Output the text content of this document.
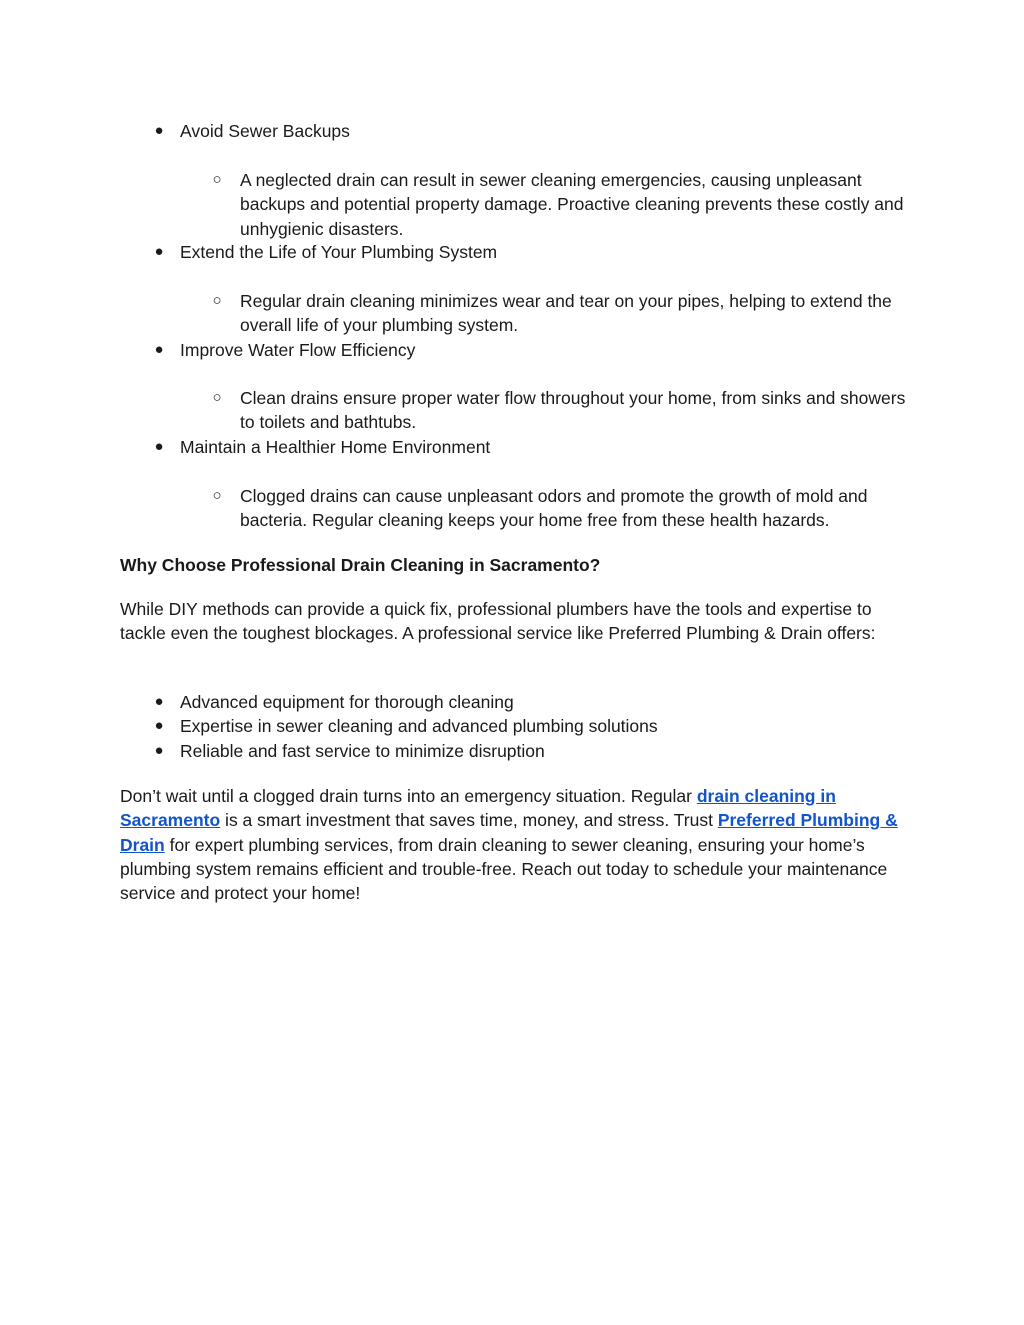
● Avoid Sewer Backups
○ A neglected drain can result in sewer cleaning emergencies, causing unpleasant backups and potential property damage. Proactive cleaning prevents these costly and unhygienic disasters.
● Extend the Life of Your Plumbing System
○ Regular drain cleaning minimizes wear and tear on your pipes, helping to extend the overall life of your plumbing system.
● Improve Water Flow Efficiency
○ Clean drains ensure proper water flow throughout your home, from sinks and showers to toilets and bathtubs.
● Maintain a Healthier Home Environment
○ Clogged drains can cause unpleasant odors and promote the growth of mold and bacteria. Regular cleaning keeps your home free from these health hazards.
Why Choose Professional Drain Cleaning in Sacramento?
While DIY methods can provide a quick fix, professional plumbers have the tools and expertise to tackle even the toughest blockages. A professional service like Preferred Plumbing & Drain offers:
● Advanced equipment for thorough cleaning
● Expertise in sewer cleaning and advanced plumbing solutions
● Reliable and fast service to minimize disruption
Don’t wait until a clogged drain turns into an emergency situation. Regular drain cleaning in Sacramento is a smart investment that saves time, money, and stress. Trust Preferred Plumbing & Drain for expert plumbing services, from drain cleaning to sewer cleaning, ensuring your home’s plumbing system remains efficient and trouble-free. Reach out today to schedule your maintenance service and protect your home!
